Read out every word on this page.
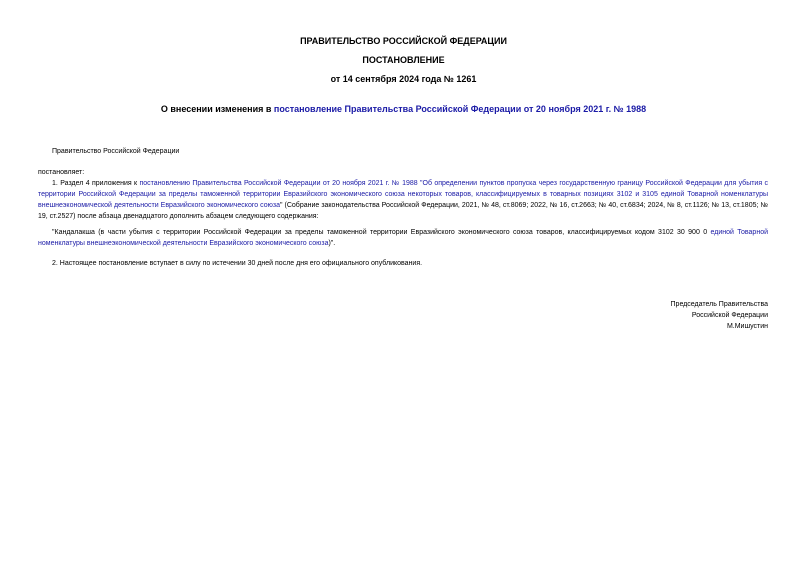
ПРАВИТЕЛЬСТВО РОССИЙСКОЙ ФЕДЕРАЦИИ
ПОСТАНОВЛЕНИЕ
от 14 сентября 2024 года № 1261
О внесении изменения в постановление Правительства Российской Федерации от 20 ноября 2021 г. № 1988
Правительство Российской Федерации
постановляет:
1. Раздел 4 приложения к постановлению Правительства Российской Федерации от 20 ноября 2021 г. № 1988 "Об определении пунктов пропуска через государственную границу Российской Федерации для убытия с территории Российской Федерации за пределы таможенной территории Евразийского экономического союза некоторых товаров, классифицируемых в товарных позициях 3102 и 3105 единой Товарной номенклатуры внешнеэкономической деятельности Евразийского экономического союза" (Собрание законодательства Российской Федерации, 2021, № 48, ст.8069; 2022, № 16, ст.2663; № 40, ст.6834; 2024, № 8, ст.1126; № 13, ст.1805; № 19, ст.2527) после абзаца двенадцатого дополнить абзацем следующего содержания:
"Кандалакша (в части убытия с территории Российской Федерации за пределы таможенной территории Евразийского экономического союза товаров, классифицируемых кодом 3102 30 900 0 единой Товарной номенклатуры внешнеэкономической деятельности Евразийского экономического союза)".
2. Настоящее постановление вступает в силу по истечении 30 дней после дня его официального опубликования.
Председатель Правительства
Российской Федерации
М.Мишустин
